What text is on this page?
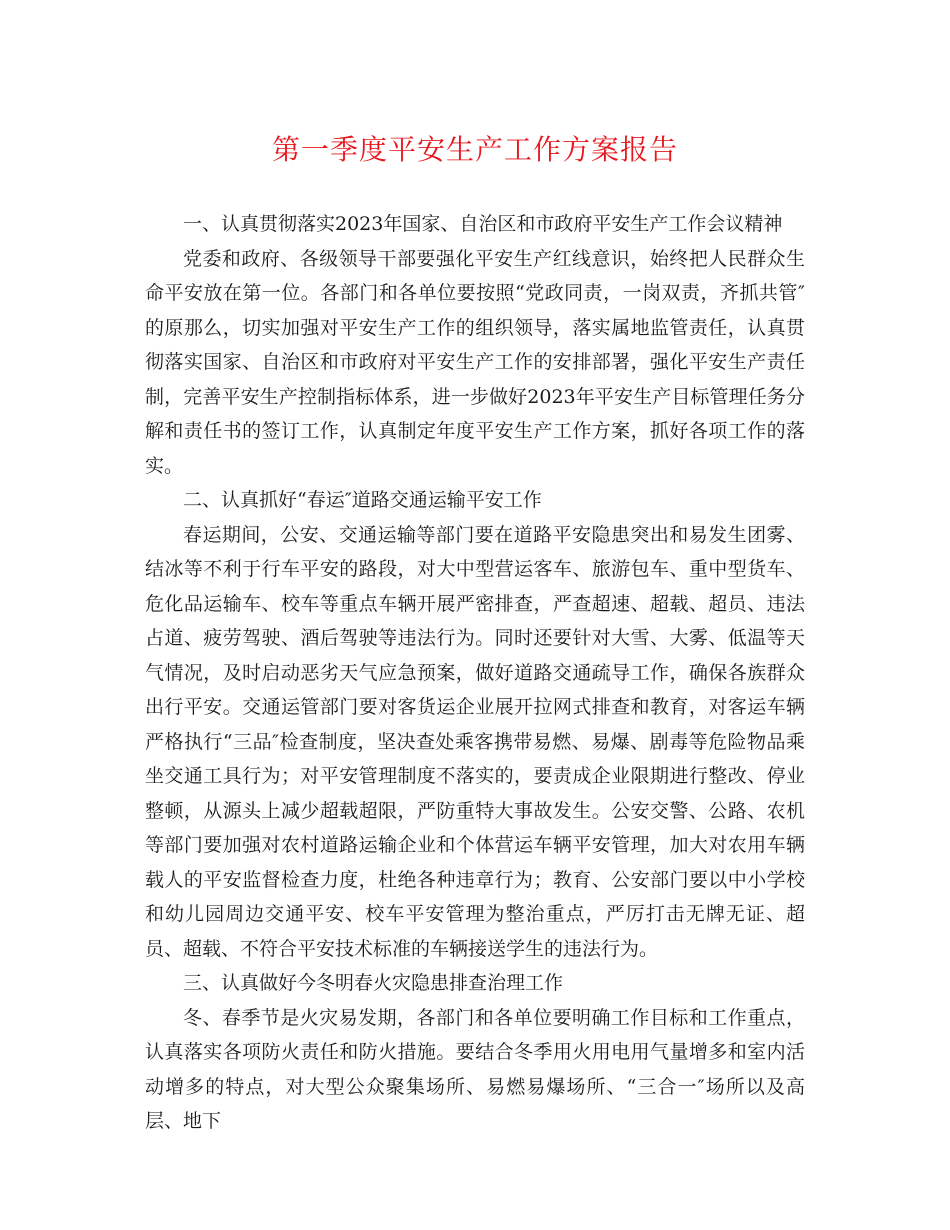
第一季度平安生产工作方案报告

一、认真贯彻落实2023年国家、自治区和市政府平安生产工作会议精神

党委和政府、各级领导干部要强化平安生产红线意识，始终把人民群众生命平安放在第一位。各部门和各单位要按照“党政同责，一岗双责，齐抓共管″的原那么，切实加强对平安生产工作的组织领导，落实属地监管责任，认真贯彻落实国家、自治区和市政府对平安生产工作的安排部署，强化平安生产责任制，完善平安生产控制指标体系，进一步做好2023年平安生产目标管理任务分解和责任书的签订工作，认真制定年度平安生产工作方案，抓好各项工作的落实。

二、认真抓好“春运″道路交通运输平安工作

春运期间，公安、交通运输等部门要在道路平安隐患突出和易发生团雾、结冰等不利于行车平安的路段，对大中型营运客车、旅游包车、重中型货车、危化品运输车、校车等重点车辆开展严密排查，严查超速、超载、超员、违法占道、疲劳驾驶、酒后驾驶等违法行为。同时还要针对大雪、大雾、低温等天气情况，及时启动恶劣天气应急预案，做好道路交通疏导工作，确保各族群众出行平安。交通运管部门要对客货运企业展开拉网式排查和教育，对客运车辆严格执行“三品″检查制度，坚决查处乘客携带易燃、易爆、剧毒等危险物品乘坐交通工具行为；对平安管理制度不落实的，要责成企业限期进行整改、停业整顿，从源头上减少超载超限，严防重特大事故发生。公安交警、公路、农机等部门要加强对农村道路运输企业和个体营运车辆平安管理，加大对农用车辆载人的平安监督检查力度，杜绝各种违章行为；教育、公安部门要以中小学校和幼儿园周边交通平安、校车平安管理为整治重点，严厉打击无牌无证、超员、超载、不符合平安技术标准的车辆接送学生的违法行为。

三、认真做好今冬明春火灾隐患排查治理工作

冬、春季节是火灾易发期，各部门和各单位要明确工作目标和工作重点，认真落实各项防火责任和防火措施。要结合冬季用火用电用气量增多和室内活动增多的特点，对大型公众聚集场所、易燃易爆场所、“三合一″场所以及高层、地下
